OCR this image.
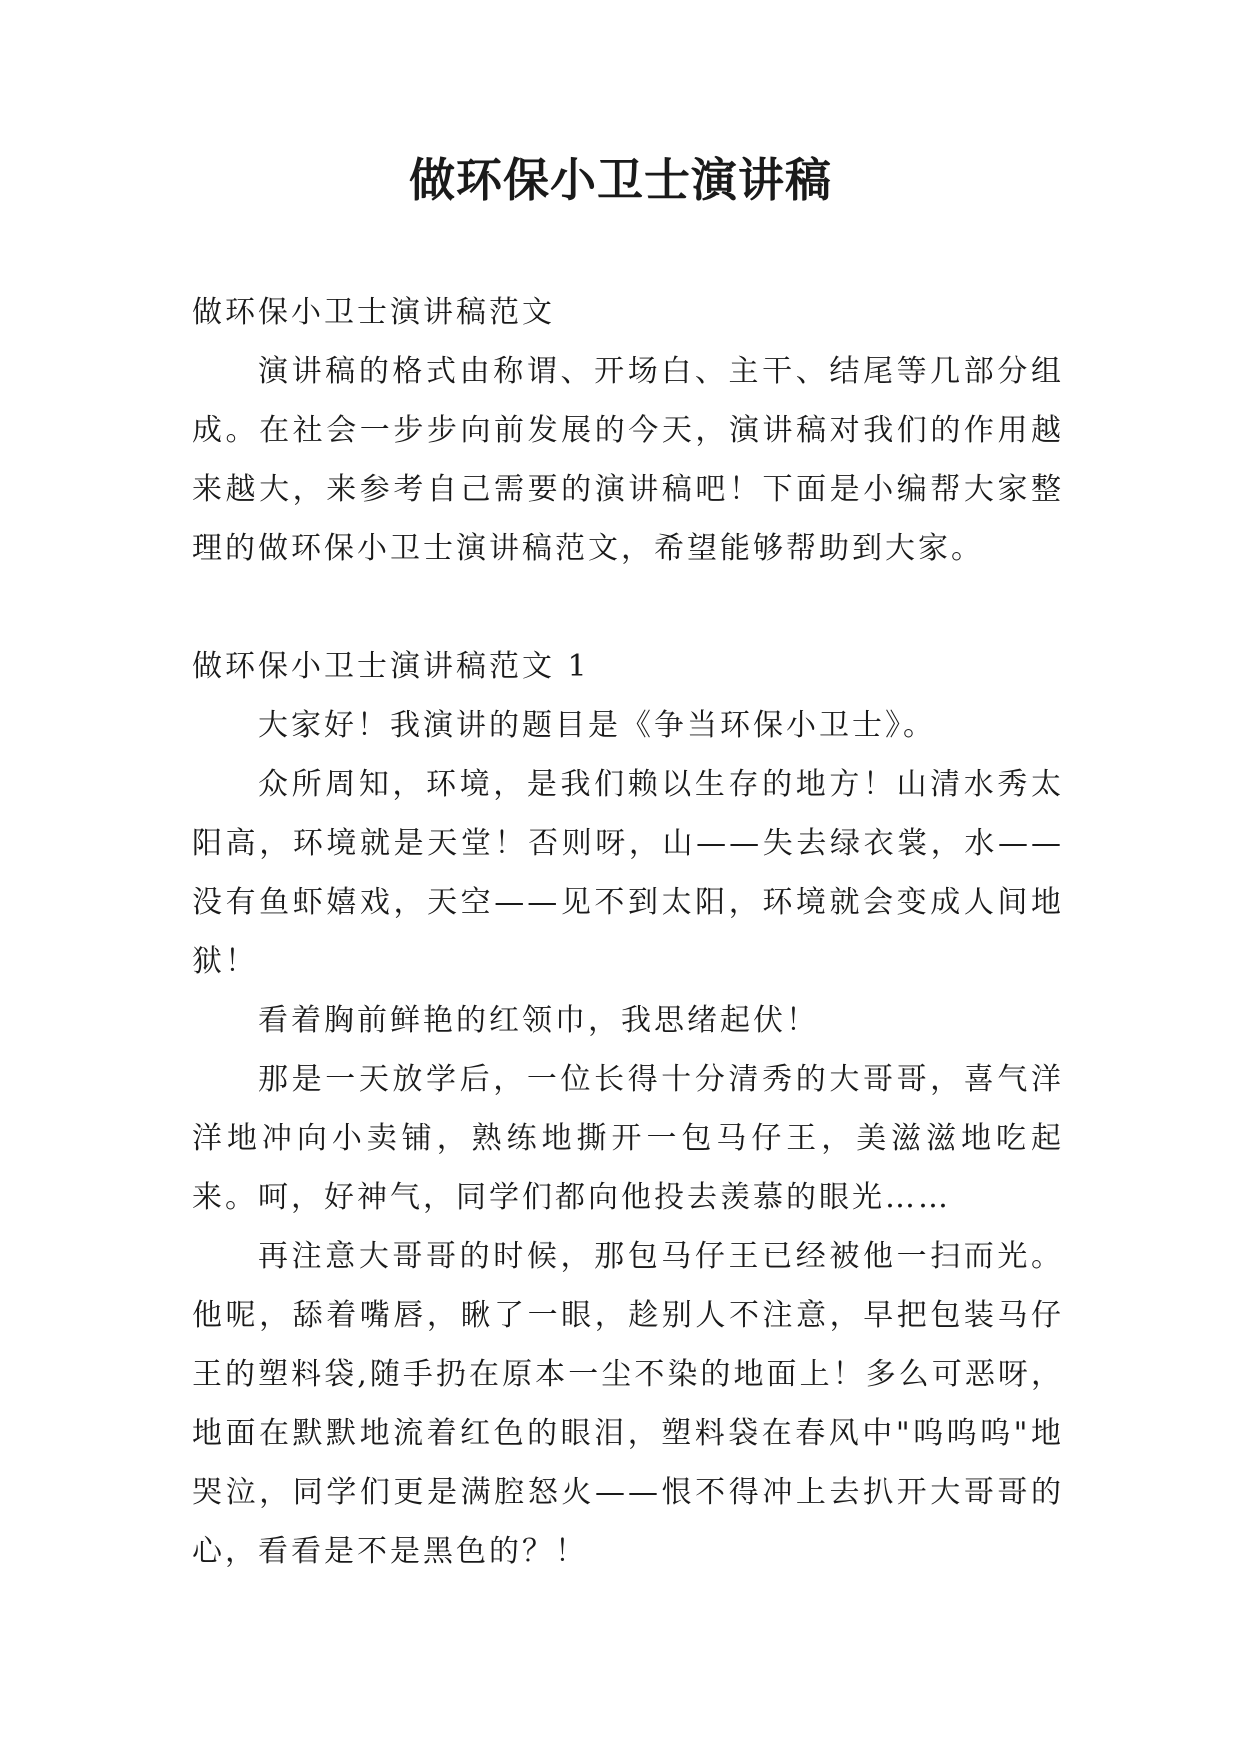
做环保小卫士演讲稿

做环保小卫士演讲稿范文

演讲稿的格式由称谓、开场白、主干、结尾等几部分组成。在社会一步步向前发展的今天，演讲稿对我们的作用越来越大，来参考自己需要的演讲稿吧！下面是小编帮大家整理的做环保小卫士演讲稿范文，希望能够帮助到大家。

做环保小卫士演讲稿范文 1

大家好！我演讲的题目是《争当环保小卫士》。

众所周知，环境，是我们赖以生存的地方！山清水秀太阳高，环境就是天堂！否则呀，山——失去绿衣裳，水——没有鱼虾嬉戏，天空——见不到太阳，环境就会变成人间地狱！

看着胸前鲜艳的红领巾，我思绪起伏！

那是一天放学后，一位长得十分清秀的大哥哥，喜气洋洋地冲向小卖铺，熟练地撕开一包马仔王，美滋滋地吃起来。呵，好神气，同学们都向他投去羡慕的眼光……

再注意大哥哥的时候，那包马仔王已经被他一扫而光。他呢，舔着嘴唇，瞅了一眼，趁别人不注意，早把包装马仔王的塑料袋,随手扔在原本一尘不染的地面上！多么可恶呀，地面在默默地流着红色的眼泪，塑料袋在春风中"呜呜呜"地哭泣，同学们更是满腔怒火——恨不得冲上去扒开大哥哥的心，看看是不是黑色的？！
